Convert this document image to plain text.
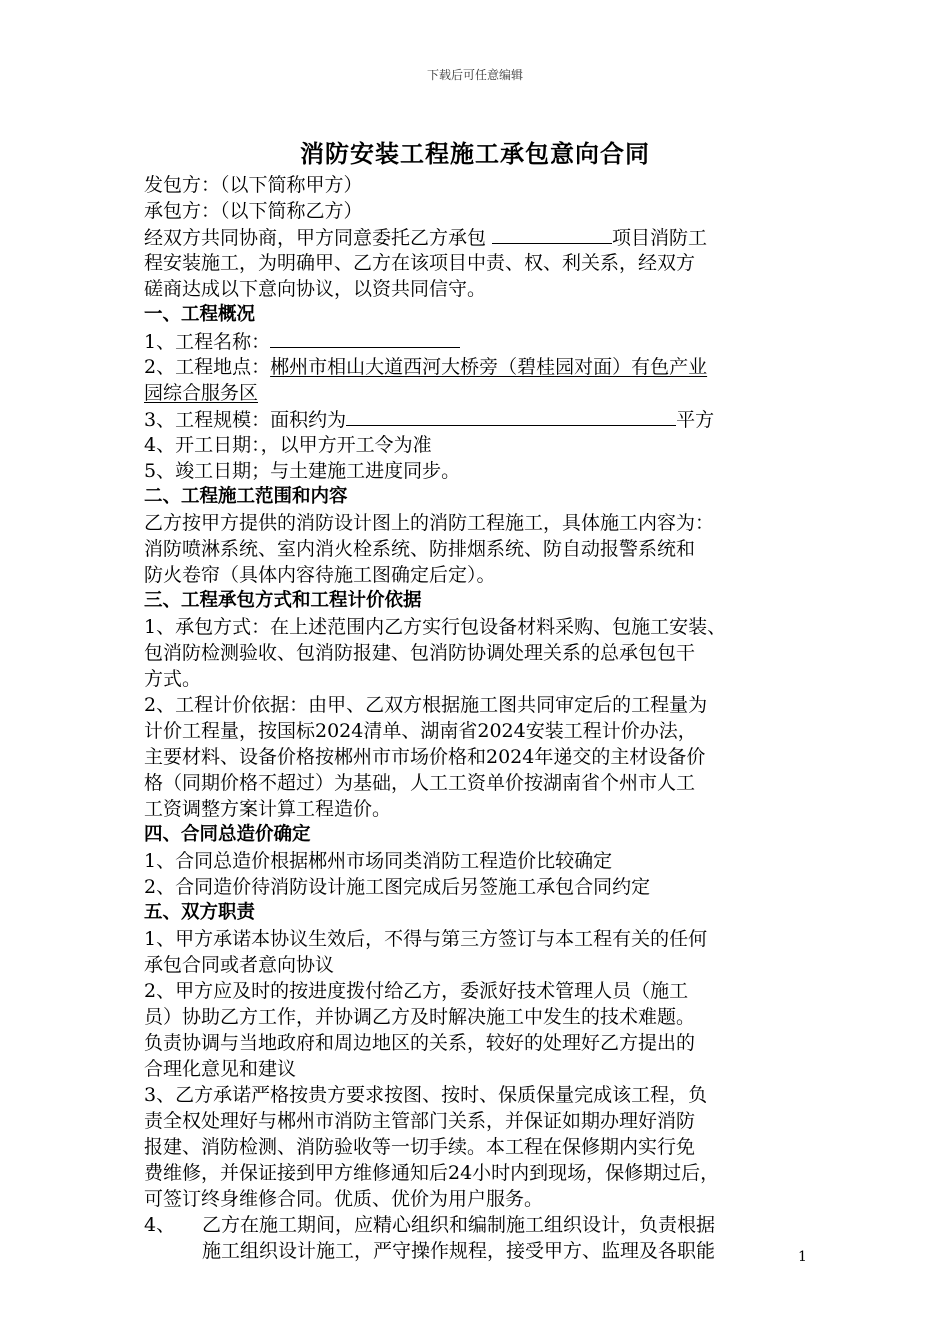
下载后可任意编辑
消防安装工程施工承包意向合同
发包方：（以下简称甲方）
承包方：（以下简称乙方）
经双方共同协商，甲方同意委托乙方承包	项目消防工
程安装施工，为明确甲、乙方在该项目中责、权、利关系，经双方
磋商达成以下意向协议，以资共同信守。
一、工程概况
1、工程名称：
2、工程地点：郴州市相山大道西河大桥旁（碧桂园对面）有色产业
园综合服务区
3、工程规模：面积约为	平方
4、开工日期：，以甲方开工令为准
5、竣工日期；与土建施工进度同步。
二、工程施工范围和内容
乙方按甲方提供的消防设计图上的消防工程施工，具体施工内容为：
消防喷淋系统、室内消火栓系统、防排烟系统、防自动报警系统和
防火卷帘（具体内容待施工图确定后定）。
三、工程承包方式和工程计价依据
1、承包方式：在上述范围内乙方实行包设备材料采购、包施工安装、
包消防检测验收、包消防报建、包消防协调处理关系的总承包包干
方式。
2、工程计价依据：由甲、乙双方根据施工图共同审定后的工程量为
计价工程量，按国标2024清单、湖南省2024安装工程计价办法，
主要材料、设备价格按郴州市市场价格和2024年递交的主材设备价
格（同期价格不超过）为基础，人工工资单价按湖南省个州市人工
工资调整方案计算工程造价。
四、合同总造价确定
1、合同总造价根据郴州市场同类消防工程造价比较确定
2、合同造价待消防设计施工图完成后另签施工承包合同约定
五、双方职责
1、甲方承诺本协议生效后，不得与第三方签订与本工程有关的任何
承包合同或者意向协议
2、甲方应及时的按进度拨付给乙方，委派好技术管理人员（施工
员）协助乙方工作，并协调乙方及时解决施工中发生的技术难题。
负责协调与当地政府和周边地区的关系，较好的处理好乙方提出的
合理化意见和建议
3、乙方承诺严格按贵方要求按图、按时、保质保量完成该工程，负
责全权处理好与郴州市消防主管部门关系，并保证如期办理好消防
报建、消防检测、消防验收等一切手续。本工程在保修期内实行免
费维修，并保证接到甲方维修通知后24小时内到现场，保修期过后，
可签订终身维修合同。优质、优价为用户服务。
4、 乙方在施工期间，应精心组织和编制施工组织设计，负责根据
施工组织设计施工，严守操作规程，接受甲方、监理及各职能	1
